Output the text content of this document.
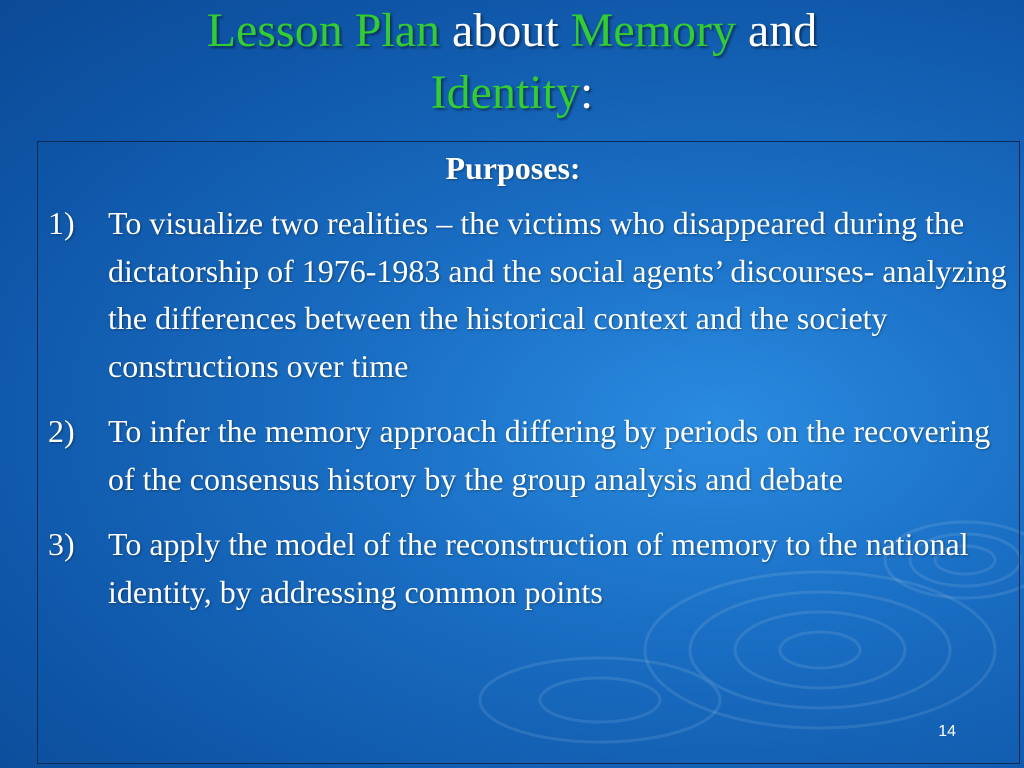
Lesson Plan about Memory and
Identity:
Purposes:
1) To visualize two realities – the victims who disappeared during the dictatorship of 1976-1983 and the social agents’ discourses- analyzing the differences between the historical context and the society constructions over time
2) To infer the memory approach differing by periods on the recovering of the consensus history by the group analysis and debate
3) To apply the model of the reconstruction of memory to the national identity, by addressing common points
14
